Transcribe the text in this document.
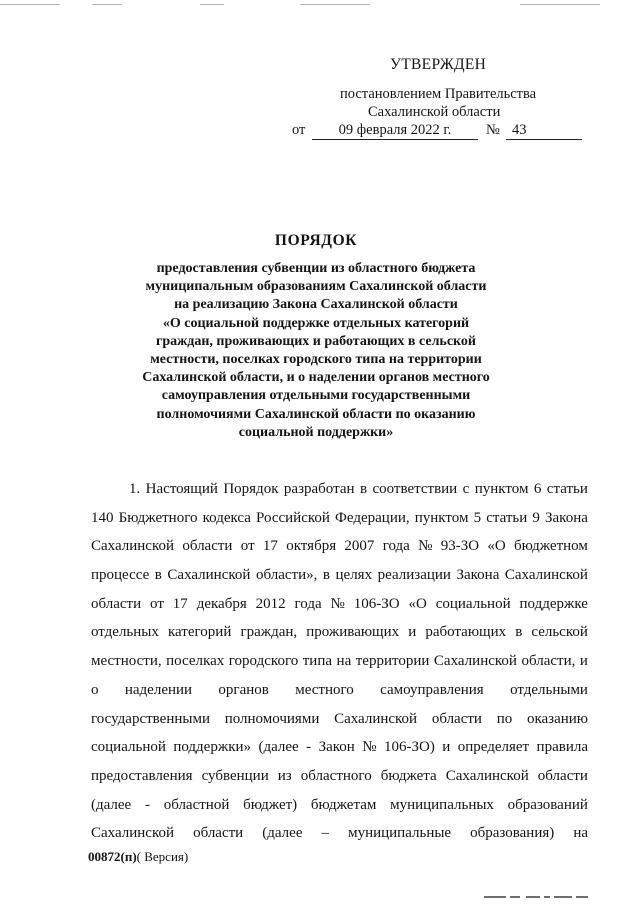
УТВЕРЖДЕН
постановлением Правительства
Сахалинской области
от	09 февраля 2022 г.	№ 43
ПОРЯДОК
предоставления субвенции из областного бюджета
муниципальным образованиям Сахалинской области
на реализацию Закона Сахалинской области
«О социальной поддержке отдельных категорий
граждан, проживающих и работающих в сельской
местности, поселках городского типа на территории
Сахалинской области, и о наделении органов местного
самоуправления отдельными государственными
полномочиями Сахалинской области по оказанию
социальной поддержки»
1. Настоящий Порядок разработан в соответствии с пунктом 6 статьи
140 Бюджетного кодекса Российской Федерации, пунктом 5 статьи 9 Закона
Сахалинской области от 17 октября 2007 года № 93-ЗО «О бюджетном
процессе в Сахалинской области», в целях реализации Закона Сахалинской
области от 17 декабря 2012 года № 106-ЗО «О социальной поддержке
отдельных категорий граждан, проживающих и работающих в сельской
местности, поселках городского типа на территории Сахалинской области, и
о наделении органов местного самоуправления отдельными
государственными полномочиями Сахалинской области по оказанию
социальной поддержки» (далее - Закон № 106-ЗО) и определяет правила
предоставления субвенции из областного бюджета Сахалинской области
(далее - областной бюджет) бюджетам муниципальных образований
Сахалинской области (далее – муниципальные образования) на
00872(п)( Версия)
